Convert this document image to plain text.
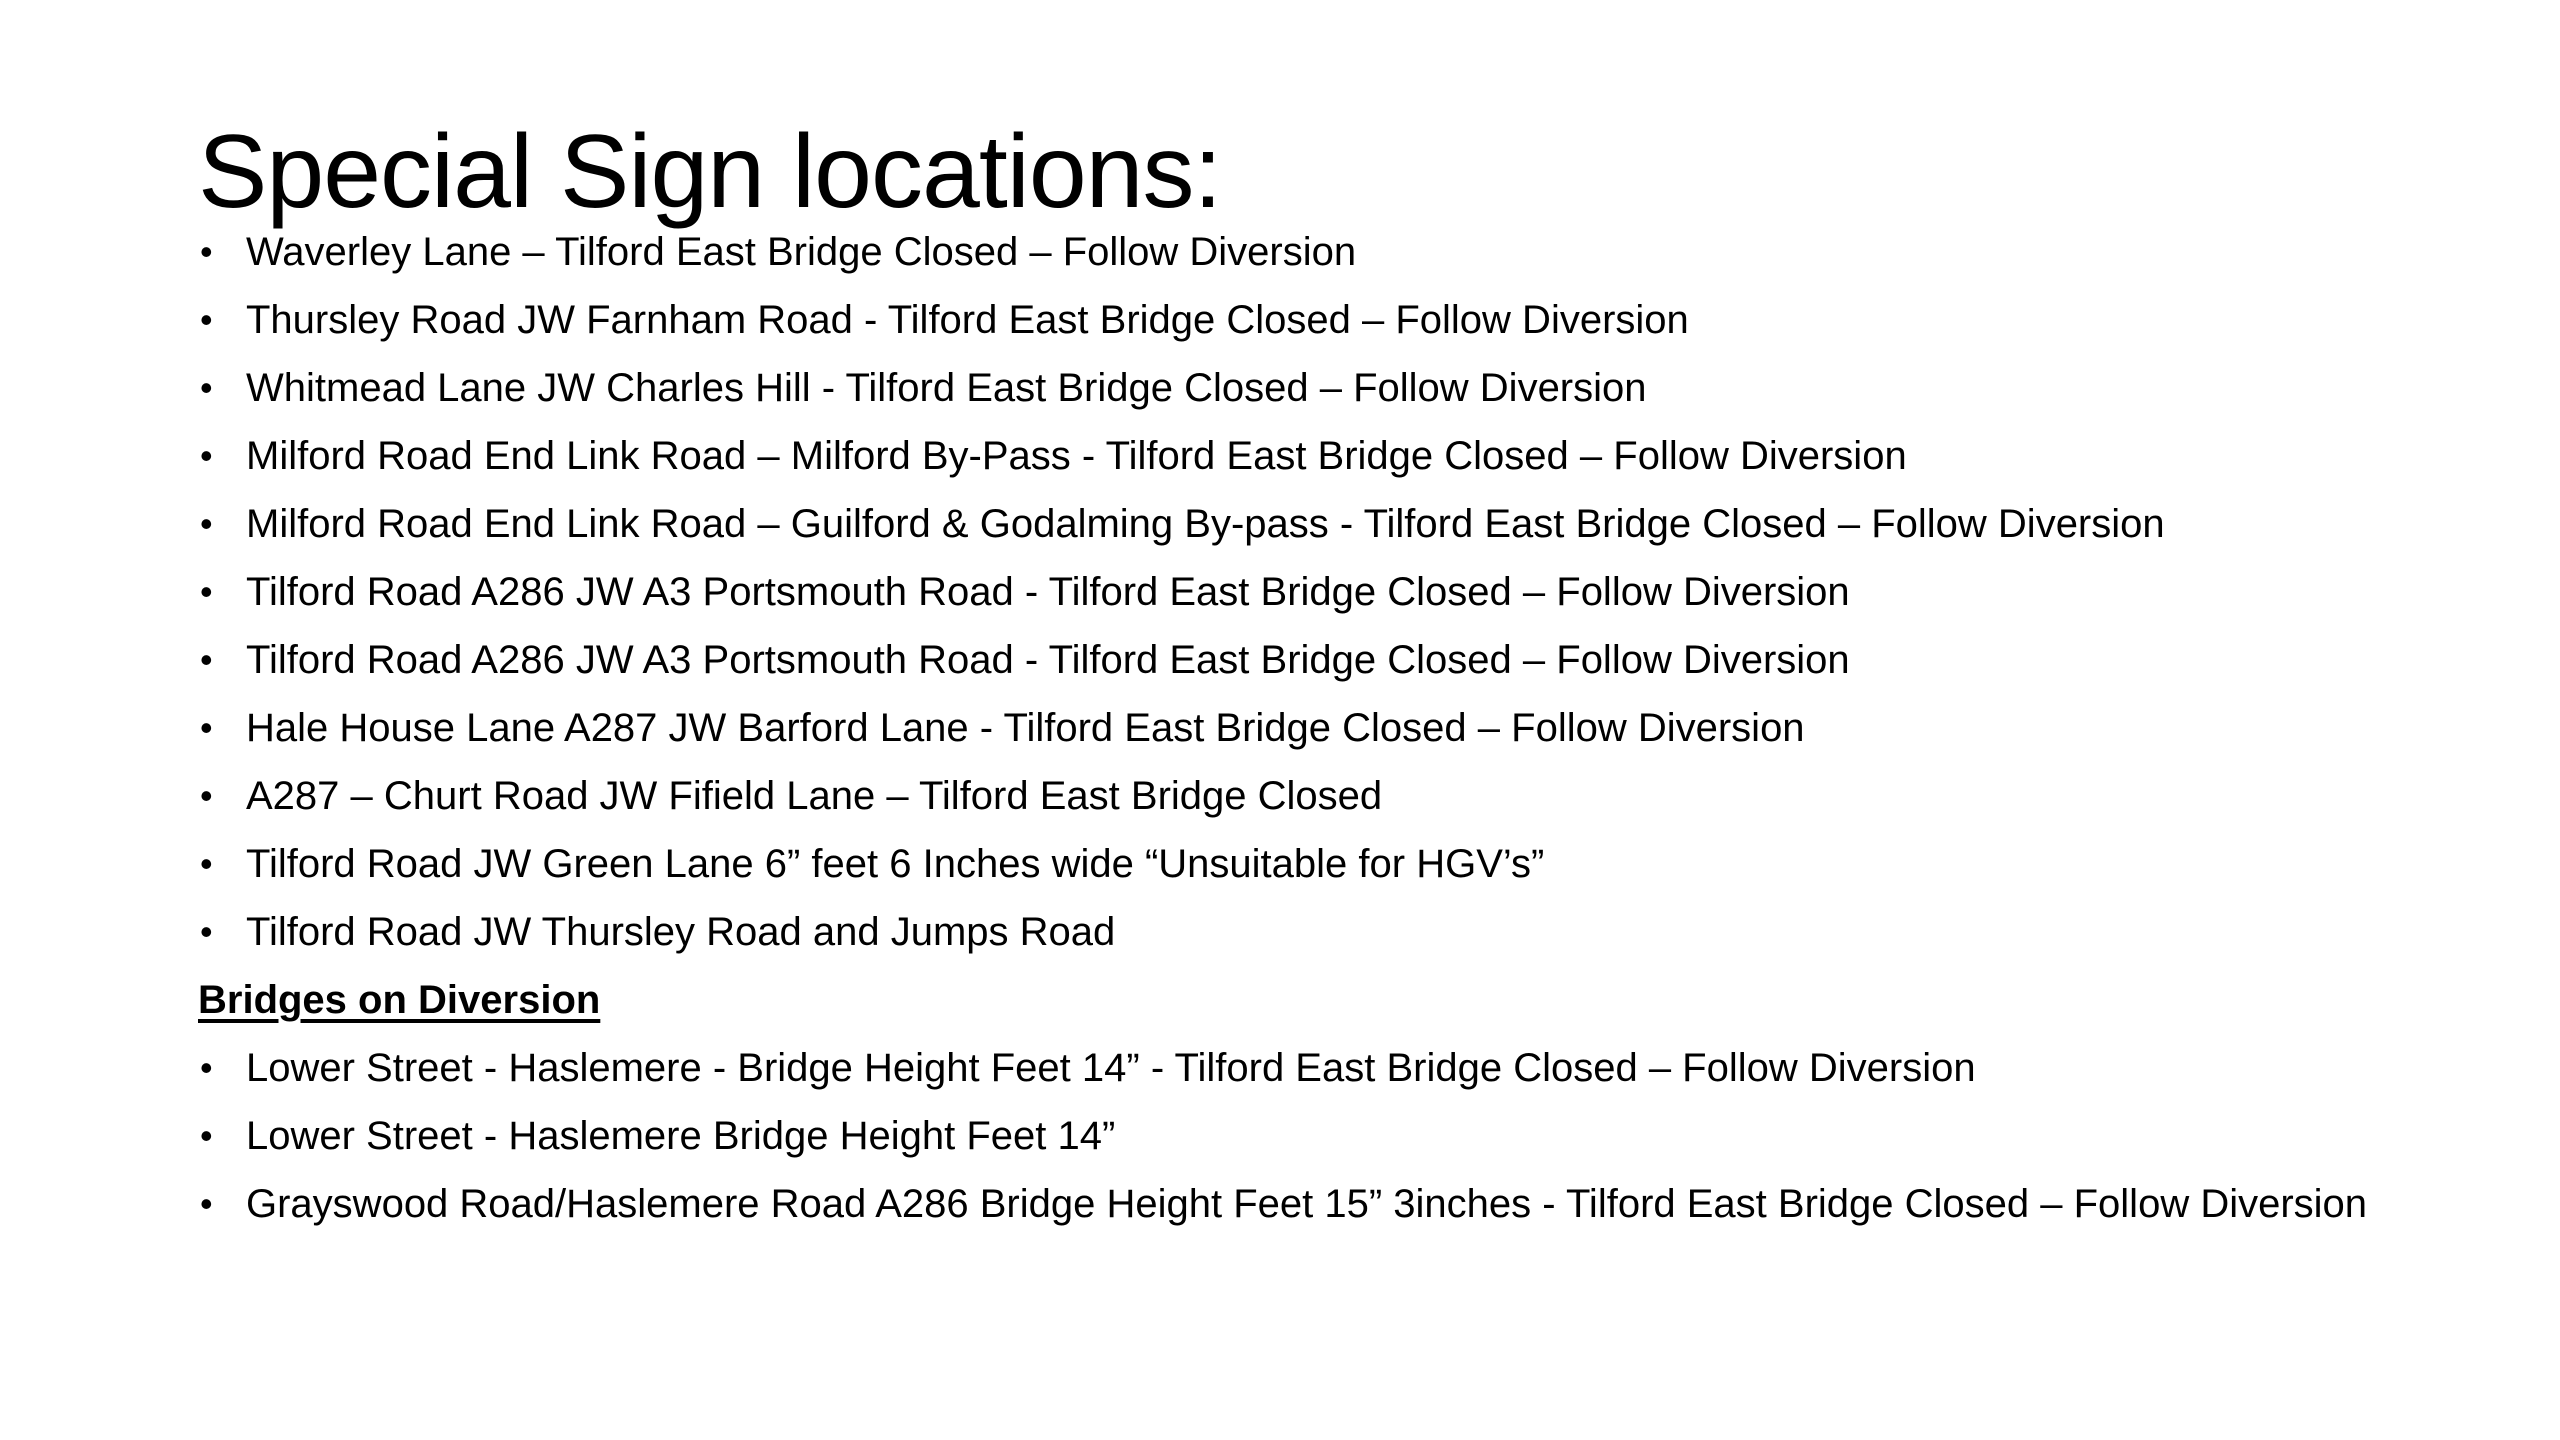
Special Sign locations:
• Waverley Lane – Tilford East Bridge Closed – Follow Diversion
• Thursley Road JW Farnham Road - Tilford East Bridge Closed – Follow Diversion
• Whitmead Lane JW Charles Hill - Tilford East Bridge Closed – Follow Diversion
• Milford Road End Link Road – Milford By-Pass - Tilford East Bridge Closed – Follow Diversion
• Milford Road End Link Road – Guilford & Godalming By-pass - Tilford East Bridge Closed – Follow Diversion
• Tilford Road A286 JW A3 Portsmouth Road - Tilford East Bridge Closed – Follow Diversion
• Tilford Road A286 JW A3 Portsmouth Road - Tilford East Bridge Closed – Follow Diversion
• Hale House Lane A287 JW Barford Lane - Tilford East Bridge Closed – Follow Diversion
• A287 – Churt Road JW Fifield Lane – Tilford East Bridge Closed
• Tilford Road JW Green Lane 6” feet 6 Inches wide “Unsuitable for HGV’s”
• Tilford Road JW Thursley Road and Jumps Road
Bridges on Diversion
• Lower Street - Haslemere - Bridge Height Feet 14” - Tilford East Bridge Closed – Follow Diversion
• Lower Street - Haslemere Bridge Height Feet 14”
• Grayswood Road/Haslemere Road A286 Bridge Height Feet 15” 3inches - Tilford East Bridge Closed – Follow Diversion
